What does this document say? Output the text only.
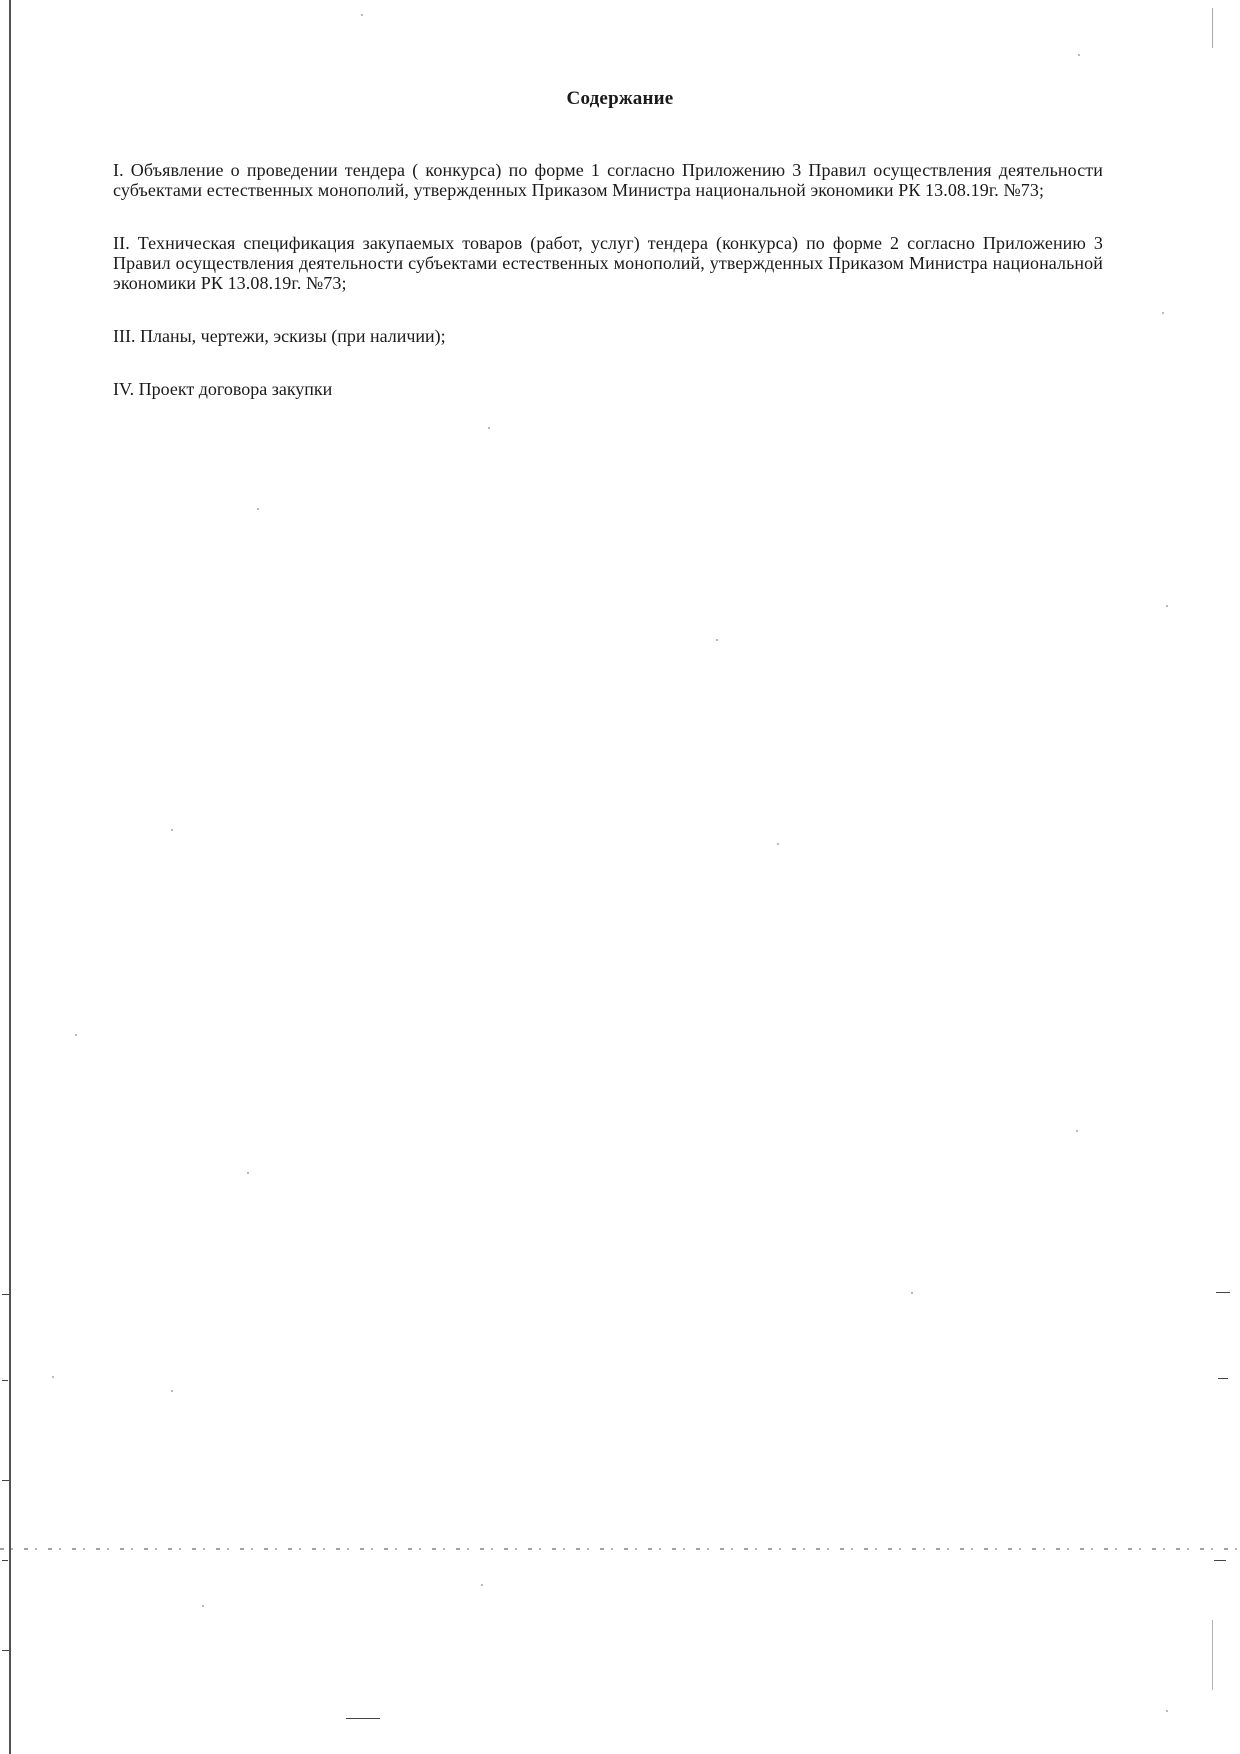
Содержание

I. Объявление о проведении тендера ( конкурса) по форме 1 согласно Приложению 3 Правил осуществления деятельности субъектами естественных монополий, утвержденных Приказом Министра национальной экономики РК 13.08.19г. №73;

II. Техническая спецификация закупаемых товаров (работ, услуг) тендера (конкурса) по форме 2 согласно Приложению 3 Правил осуществления деятельности субъектами естественных монополий, утвержденных Приказом Министра национальной экономики РК 13.08.19г. №73;

III. Планы, чертежи, эскизы (при наличии);

IV. Проект договора закупки
